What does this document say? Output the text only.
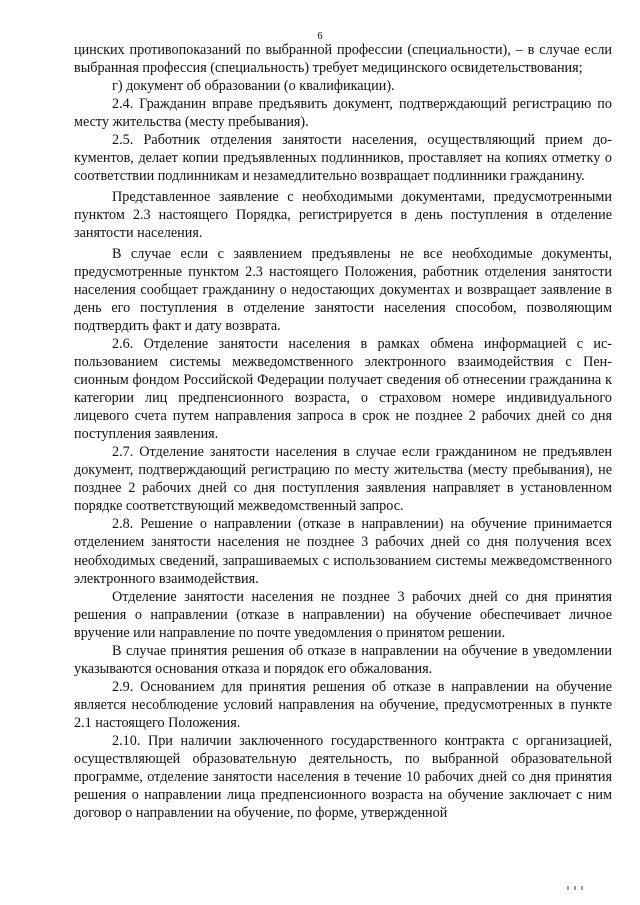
6

цинских противопоказаний по выбранной профессии (специальности), – в случае если выбранная профессия (специальность) требует медицинского освидетельствования;

г) документ об образовании (о квалификации).

2.4. Гражданин вправе предъявить документ, подтверждающий регистрацию по месту жительства (месту пребывания).

2.5. Работник отделения занятости населения, осуществляющий прием документов, делает копии предъявленных подлинников, проставляет на копиях отметку о соответствии подлинникам и незамедлительно возвращает подлинники гражданину.

Представленное заявление с необходимыми документами, предусмотренными пунктом 2.3 настоящего Порядка, регистрируется в день поступления в отделение занятости населения.

В случае если с заявлением предъявлены не все необходимые документы, предусмотренные пунктом 2.3 настоящего Положения, работник отделения занятости населения сообщает гражданину о недостающих документах и возвращает заявление в день его поступления в отделение занятости населения способом, позволяющим подтвердить факт и дату возврата.

2.6. Отделение занятости населения в рамках обмена информацией с использованием системы межведомственного электронного взаимодействия с Пенсионным фондом Российской Федерации получает сведения об отнесении гражданина к категории лиц предпенсионного возраста, о страховом номере индивидуального лицевого счета путем направления запроса в срок не позднее 2 рабочих дней со дня поступления заявления.

2.7. Отделение занятости населения в случае если гражданином не предъявлен документ, подтверждающий регистрацию по месту жительства (месту пребывания), не позднее 2 рабочих дней со дня поступления заявления направляет в установленном порядке соответствующий межведомственный запрос.

2.8. Решение о направлении (отказе в направлении) на обучение принимается отделением занятости населения не позднее 3 рабочих дней со дня получения всех необходимых сведений, запрашиваемых с использованием системы межведомственного электронного взаимодействия.

Отделение занятости населения не позднее 3 рабочих дней со дня принятия решения о направлении (отказе в направлении) на обучение обеспечивает личное вручение или направление по почте уведомления о принятом решении.

В случае принятия решения об отказе в направлении на обучение в уведомлении указываются основания отказа и порядок его обжалования.

2.9. Основанием для принятия решения об отказе в направлении на обучение является несоблюдение условий направления на обучение, предусмотренных в пункте 2.1 настоящего Положения.

2.10. При наличии заключенного государственного контракта с организацией, осуществляющей образовательную деятельность, по выбранной образовательной программе, отделение занятости населения в течение 10 рабочих дней со дня принятия решения о направлении лица предпенсионного возраста на обучение заключает с ним договор о направлении на обучение, по форме, утвержденной
